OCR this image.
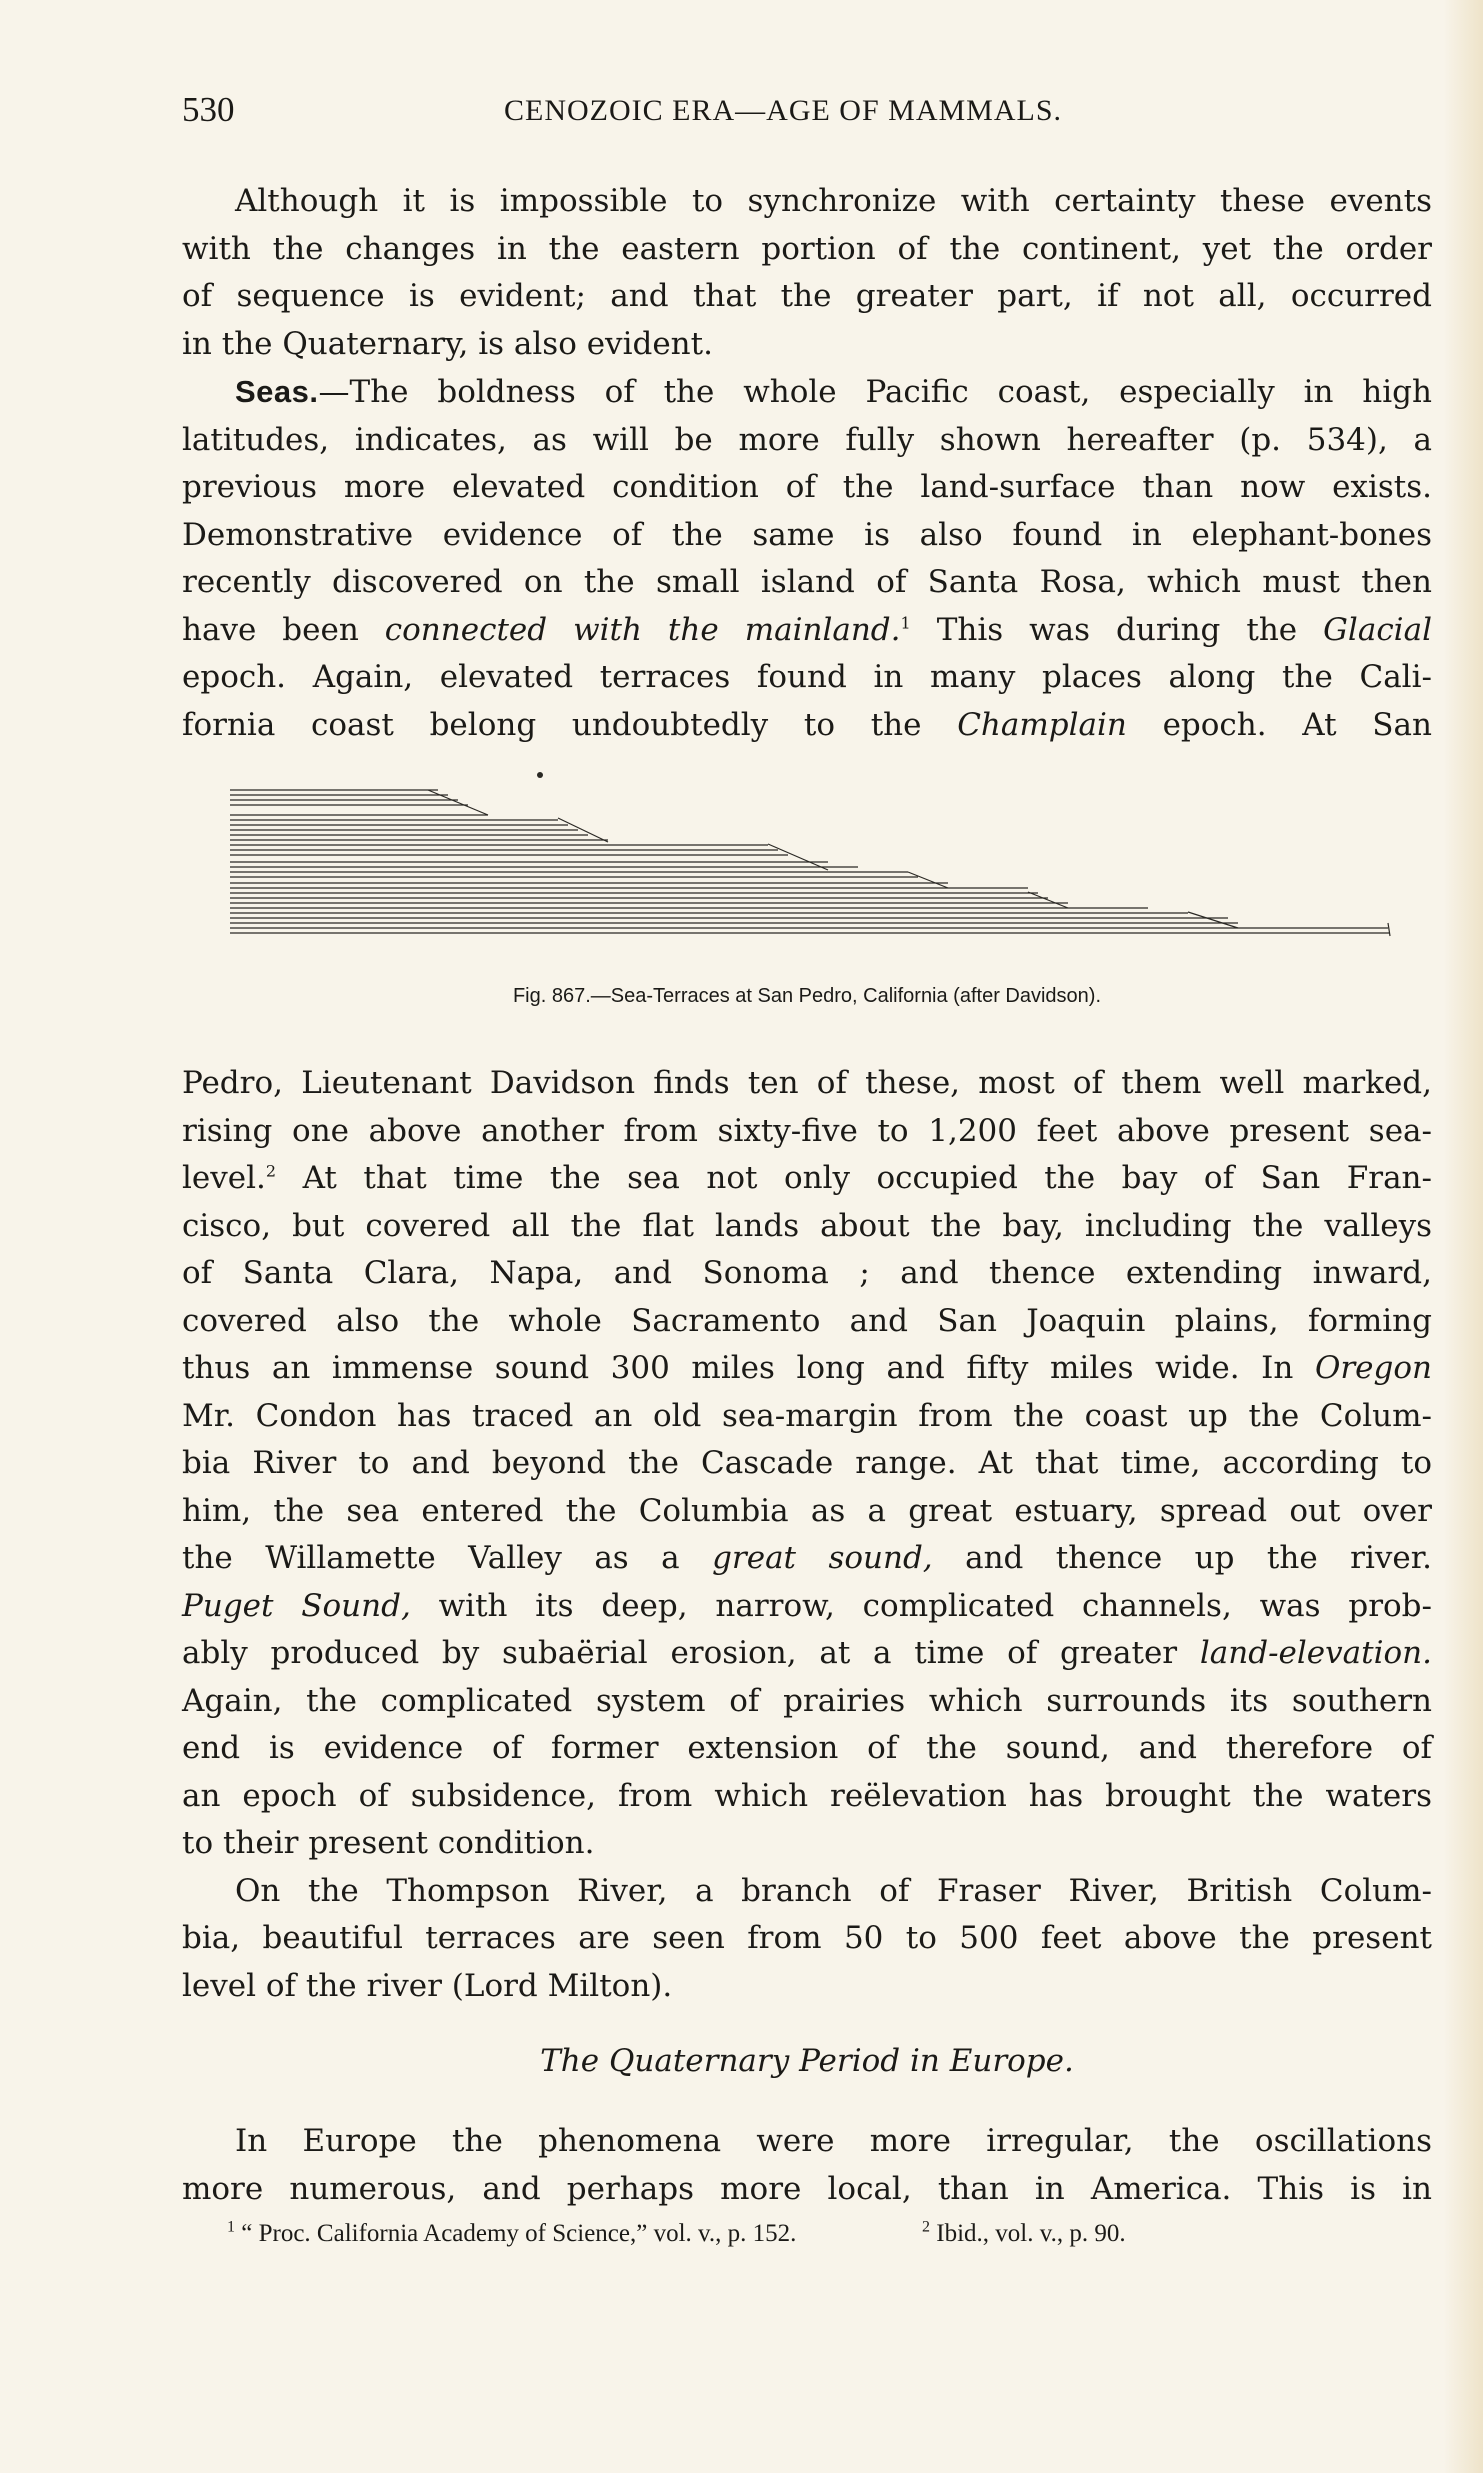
530	CENOZOIC ERA—AGE OF MAMMALS.
Although it is impossible to synchronize with certainty these events
with the changes in the eastern portion of the continent, yet the order
of sequence is evident; and that the greater part, if not all, occurred
in the Quaternary, is also evident.
Seas.—The boldness of the whole Pacific coast, especially in high
latitudes, indicates, as will be more fully shown hereafter (p. 534), a
previous more elevated condition of the land-surface than now exists.
Demonstrative evidence of the same is also found in elephant-bones
recently discovered on the small island of Santa Rosa, which must then
have been connected with the mainland.$^1$ This was during the Glacial
epoch. Again, elevated terraces found in many places along the Cali-
fornia coast belong undoubtedly to the Champlain epoch. At San
Fig. 867.—Sea-Terraces at San Pedro, California (after Davidson).
Pedro, Lieutenant Davidson finds ten of these, most of them well marked,
rising one above another from sixty-five to 1,200 feet above present sea-
level.$^2$ At that time the sea not only occupied the bay of San Fran-
cisco, but covered all the flat lands about the bay, including the valleys
of Santa Clara, Napa, and Sonoma ; and thence extending inward,
covered also the whole Sacramento and San Joaquin plains, forming
thus an immense sound 300 miles long and fifty miles wide. In Oregon
Mr. Condon has traced an old sea-margin from the coast up the Colum-
bia River to and beyond the Cascade range. At that time, according to
him, the sea entered the Columbia as a great estuary, spread out over
the Willamette Valley as a great sound, and thence up the river.
Puget Sound, with its deep, narrow, complicated channels, was prob-
ably produced by subaërial erosion, at a time of greater land-elevation.
Again, the complicated system of prairies which surrounds its southern
end is evidence of former extension of the sound, and therefore of
an epoch of subsidence, from which reëlevation has brought the waters
to their present condition.
On the Thompson River, a branch of Fraser River, British Colum-
bia, beautiful terraces are seen from 50 to 500 feet above the present
level of the river (Lord Milton).
The Quaternary Period in Europe.
In Europe the phenomena were more irregular, the oscillations
more numerous, and perhaps more local, than in America. This is in
$^1$ “ Proc. California Academy of Science,” vol. v., p. 152.	$^2$ Ibid., vol. v., p. 90.
